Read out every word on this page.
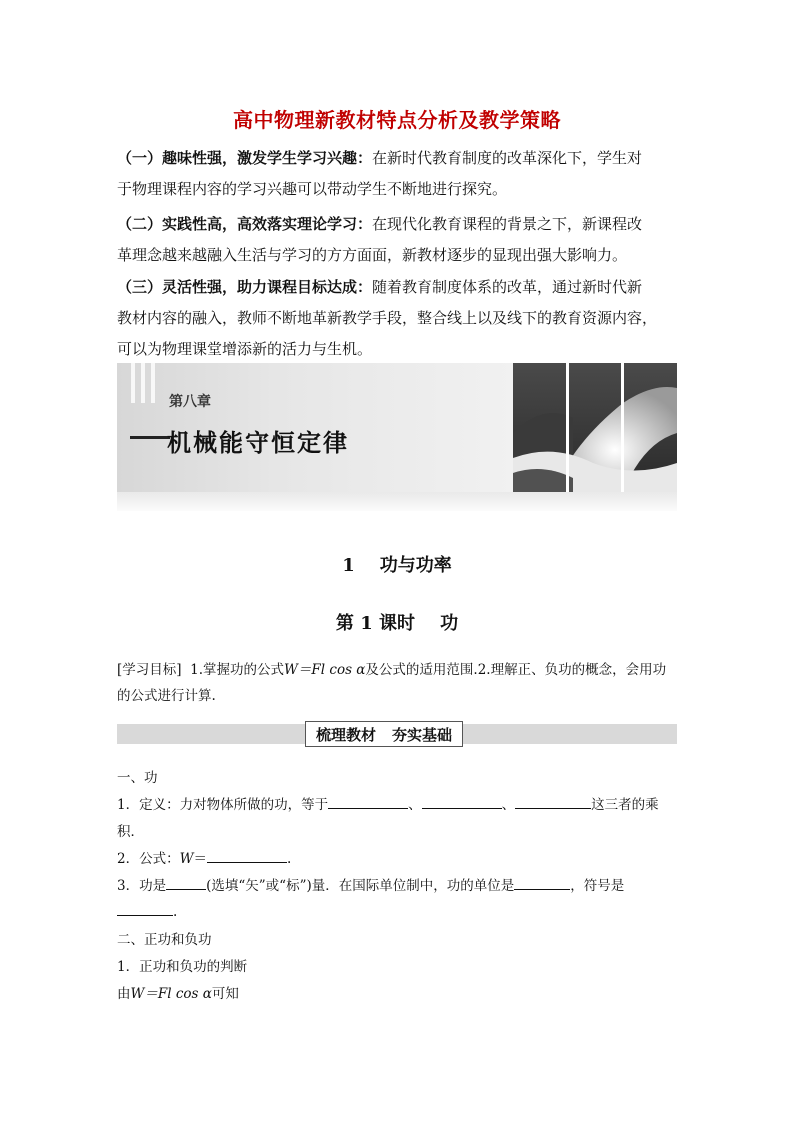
高中物理新教材特点分析及教学策略

（一）趣味性强，激发学生学习兴趣：在新时代教育制度的改革深化下，学生对

于物理课程内容的学习兴趣可以带动学生不断地进行探究。

（二）实践性高，高效落实理论学习：在现代化教育课程的背景之下，新课程改

革理念越来越融入生活与学习的方方面面，新教材逐步的显现出强大影响力。

（三）灵活性强，助力课程目标达成：随着教育制度体系的改革，通过新时代新

教材内容的融入，教师不断地革新教学手段，整合线上以及线下的教育资源内容，

可以为物理课堂增添新的活力与生机。

第八章
机械能守恒定律
1 功与功率
第 1 课时 功
[学习目标] 1.掌握功的公式W＝Fl cos α及公式的适用范围.2.理解正、负功的概念，会用功
的公式进行计算.
梳理教材 夯实基础
一、功
1．定义：力对物体所做的功，等于	、	、	这三者的乘
积．
2．公式：W＝	.
3．功是	(选填“矢”或“标”)量．在国际单位制中，功的单位是	，符号是
.
二、正功和负功
1．正功和负功的判断
由W＝Fl cos α可知
